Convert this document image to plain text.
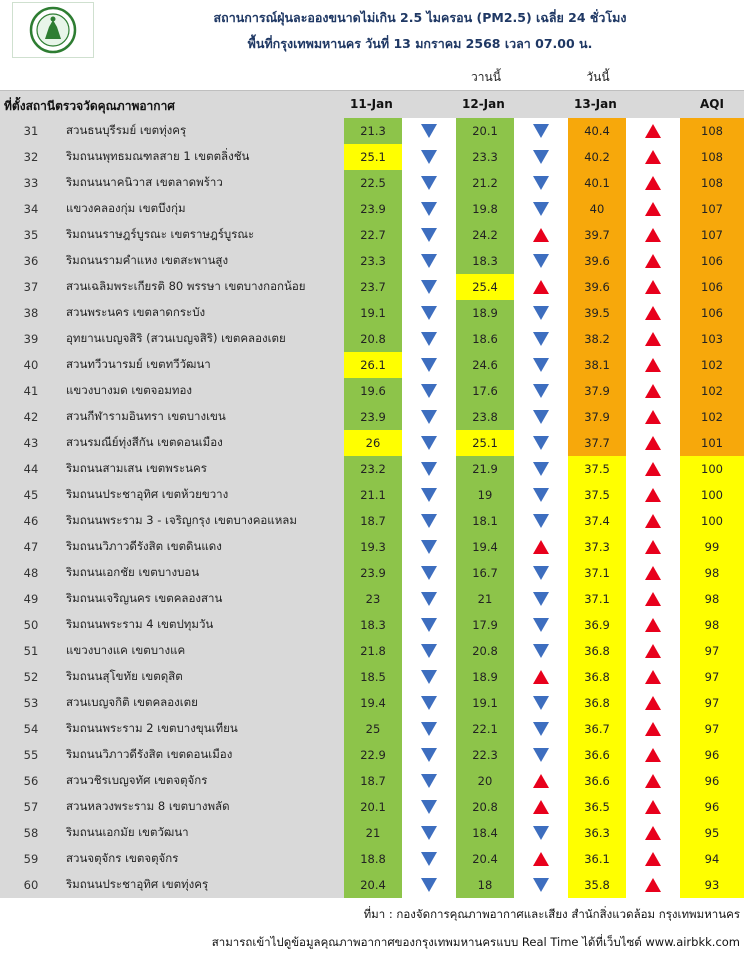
สถานการณ์ฝุ่นละอองขนาดไม่เกิน 2.5 ไมครอน (PM2.5) เฉลี่ย 24 ชั่วโมง
พื้นที่กรุงเทพมหานคร วันที่ 13 มกราคม 2568 เวลา 07.00 น.
วานนี้	วันนี้
ที่ตั้งสถานีตรวจวัดคุณภาพอากาศ	11-Jan	12-Jan	13-Jan	AQI
31	สวนธนบุรีรมย์ เขตทุ่งครุ	21.3	20.1	40.4	108
32	ริมถนนพุทธมณฑลสาย 1 เขตตลิ่งชัน	25.1	23.3	40.2	108
33	ริมถนนนาคนิวาส เขตลาดพร้าว	22.5	21.2	40.1	108
34	แขวงคลองกุ่ม เขตบึงกุ่ม	23.9	19.8	40	107
35	ริมถนนราษฎร์บูรณะ เขตราษฎร์บูรณะ	22.7	24.2	39.7	107
36	ริมถนนรามคำแหง เขตสะพานสูง	23.3	18.3	39.6	106
37	สวนเฉลิมพระเกียรติ 80 พรรษา เขตบางกอกน้อย	23.7	25.4	39.6	106
38	สวนพระนคร เขตลาดกระบัง	19.1	18.9	39.5	106
39	อุทยานเบญจสิริ (สวนเบญจสิริ) เขตคลองเตย	20.8	18.6	38.2	103
40	สวนทวีวนารมย์ เขตทวีวัฒนา	26.1	24.6	38.1	102
41	แขวงบางมด เขตจอมทอง	19.6	17.6	37.9	102
42	สวนกีฬารามอินทรา เขตบางเขน	23.9	23.8	37.9	102
43	สวนรมณีย์ทุ่งสีกัน เขตดอนเมือง	26	25.1	37.7	101
44	ริมถนนสามเสน เขตพระนคร	23.2	21.9	37.5	100
45	ริมถนนประชาอุทิศ เขตห้วยขวาง	21.1	19	37.5	100
46	ริมถนนพระราม 3 - เจริญกรุง เขตบางคอแหลม	18.7	18.1	37.4	100
47	ริมถนนวิภาวดีรังสิต เขตดินแดง	19.3	19.4	37.3	99
48	ริมถนนเอกชัย เขตบางบอน	23.9	16.7	37.1	98
49	ริมถนนเจริญนคร เขตคลองสาน	23	21	37.1	98
50	ริมถนนพระราม 4 เขตปทุมวัน	18.3	17.9	36.9	98
51	แขวงบางแค เขตบางแค	21.8	20.8	36.8	97
52	ริมถนนสุโขทัย เขตดุสิต	18.5	18.9	36.8	97
53	สวนเบญจกิติ เขตคลองเตย	19.4	19.1	36.8	97
54	ริมถนนพระราม 2 เขตบางขุนเทียน	25	22.1	36.7	97
55	ริมถนนวิภาวดีรังสิต เขตดอนเมือง	22.9	22.3	36.6	96
56	สวนวชิรเบญจทัศ เขตจตุจักร	18.7	20	36.6	96
57	สวนหลวงพระราม 8 เขตบางพลัด	20.1	20.8	36.5	96
58	ริมถนนเอกมัย เขตวัฒนา	21	18.4	36.3	95
59	สวนจตุจักร เขตจตุจักร	18.8	20.4	36.1	94
60	ริมถนนประชาอุทิศ เขตทุ่งครุ	20.4	18	35.8	93
ที่มา : กองจัดการคุณภาพอากาศและเสียง สำนักสิ่งแวดล้อม กรุงเทพมหานคร
สามารถเข้าไปดูข้อมูลคุณภาพอากาศของกรุงเทพมหานครแบบ Real Time ได้ที่เว็บไซต์ www.airbkk.com
